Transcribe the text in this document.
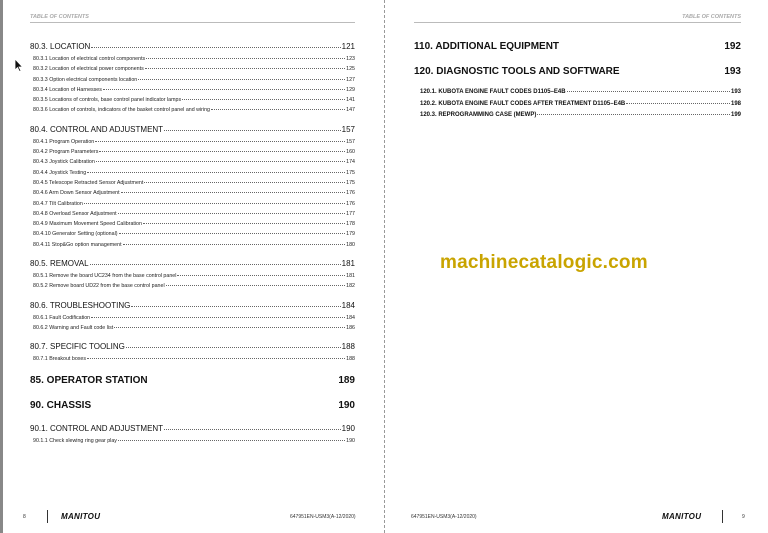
TABLE OF CONTENTS
80.3. LOCATION	121
80.3.1 Location of electrical control components	123
80.3.2 Location of electrical power components	125
80.3.3 Option electrical components location	127
80.3.4 Location of Harnesses	129
80.3.5 Locations of controls, base control panel indicator lamps	141
80.3.6 Location of controls, indicators of the basket control panel and wiring	147
80.4. CONTROL AND ADJUSTMENT	157
80.4.1 Program Operation	157
80.4.2 Program Parameters	160
80.4.3 Joystick Calibration	174
80.4.4 Joystick Testing	175
80.4.5 Telescope Retracted Sensor Adjustment	175
80.4.6 Arm Down Sensor Adjustment	176
80.4.7 Tilt Calibration	176
80.4.8 Overload Sensor Adjustment	177
80.4.9 Maximum Movement Speed Calibration	178
80.4.10 Generator Setting (optional)	179
80.4.11 Stop&Go option management	180
80.5. REMOVAL	181
80.5.1 Remove the board UC234 from the base control panel	181
80.5.2 Remove board UD22 from the base control panel	182
80.6. TROUBLESHOOTING	184
80.6.1 Fault Codification	184
80.6.2 Warning and Fault code list	186
80.7. SPECIFIC TOOLING	188
80.7.1 Breakout boxes	188
85. OPERATOR STATION	189
90. CHASSIS	190
90.1. CONTROL AND ADJUSTMENT	190
90.1.1 Check slewing ring gear play	190
TABLE OF CONTENTS
110. ADDITIONAL EQUIPMENT	192
120. DIAGNOSTIC TOOLS AND SOFTWARE	193
120.1. KUBOTA ENGINE FAULT CODES D1105–E4B	193
120.2. KUBOTA ENGINE FAULT CODES AFTER TREATMENT D1105–E4B	198
120.3. REPROGRAMMING CASE (MEWP)	199
8	MANITOU	647951EN-USM3(A-12/2020)	647951EN-USM3(A-12/2020)	MANITOU	9
machinecatalogic.com
